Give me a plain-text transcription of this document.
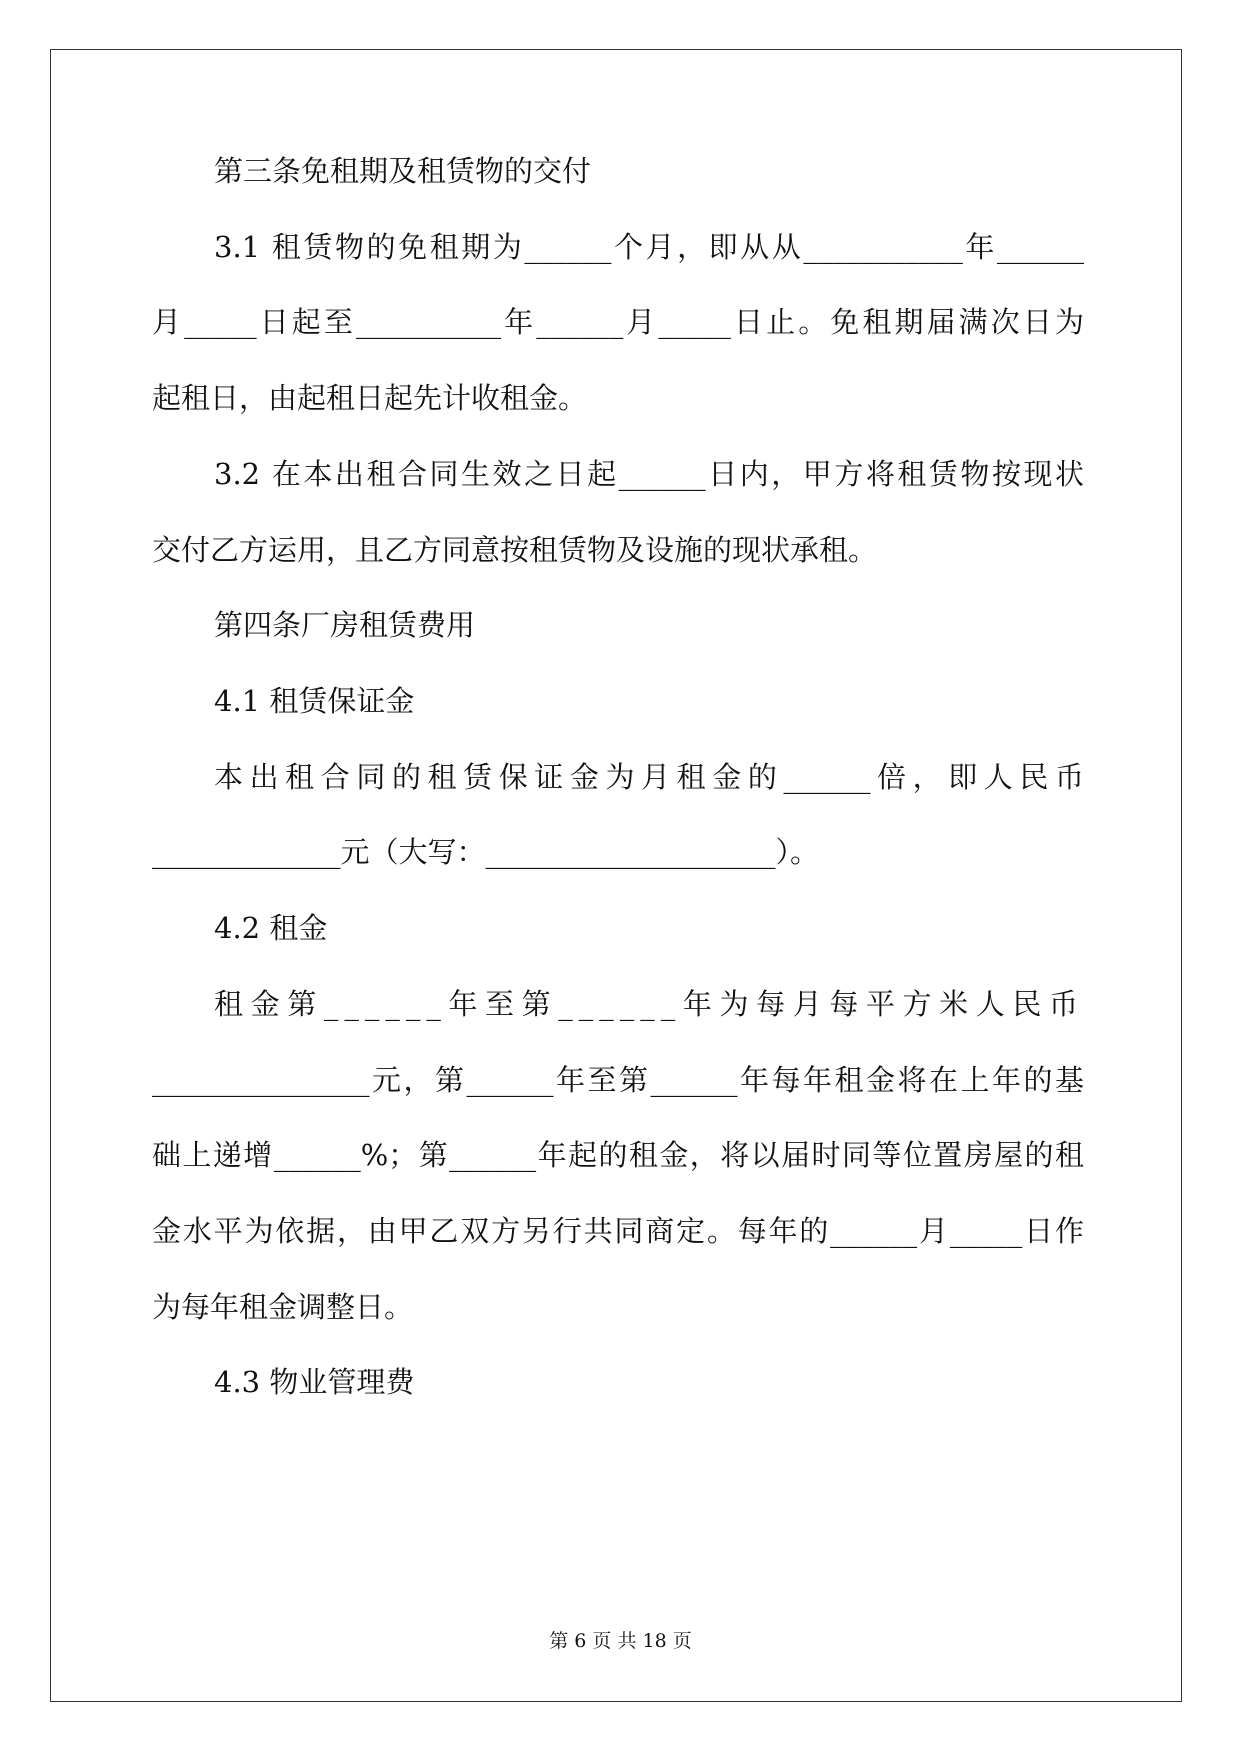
第三条免租期及租赁物的交付
3.1 租赁物的免租期为______个月，即从从___________年______
月_____日起至__________年______月_____日止。免租期届满次日为
起租日，由起租日起先计收租金。
3.2 在本出租合同生效之日起______日内，甲方将租赁物按现状
交付乙方运用，且乙方同意按租赁物及设施的现状承租。
第四条厂房租赁费用
4.1 租赁保证金
本出租合同的租赁保证金为月租金的______倍，即人民币
_____________元（大写：____________________）。
4.2 租金
租金第______年至第______年为每月每平方米人民币
_______________元，第______年至第______年每年租金将在上年的基
础上递增______%；第______年起的租金，将以届时同等位置房屋的租
金水平为依据，由甲乙双方另行共同商定。每年的______月_____日作
为每年租金调整日。
4.3 物业管理费
第 6 页 共 18 页
